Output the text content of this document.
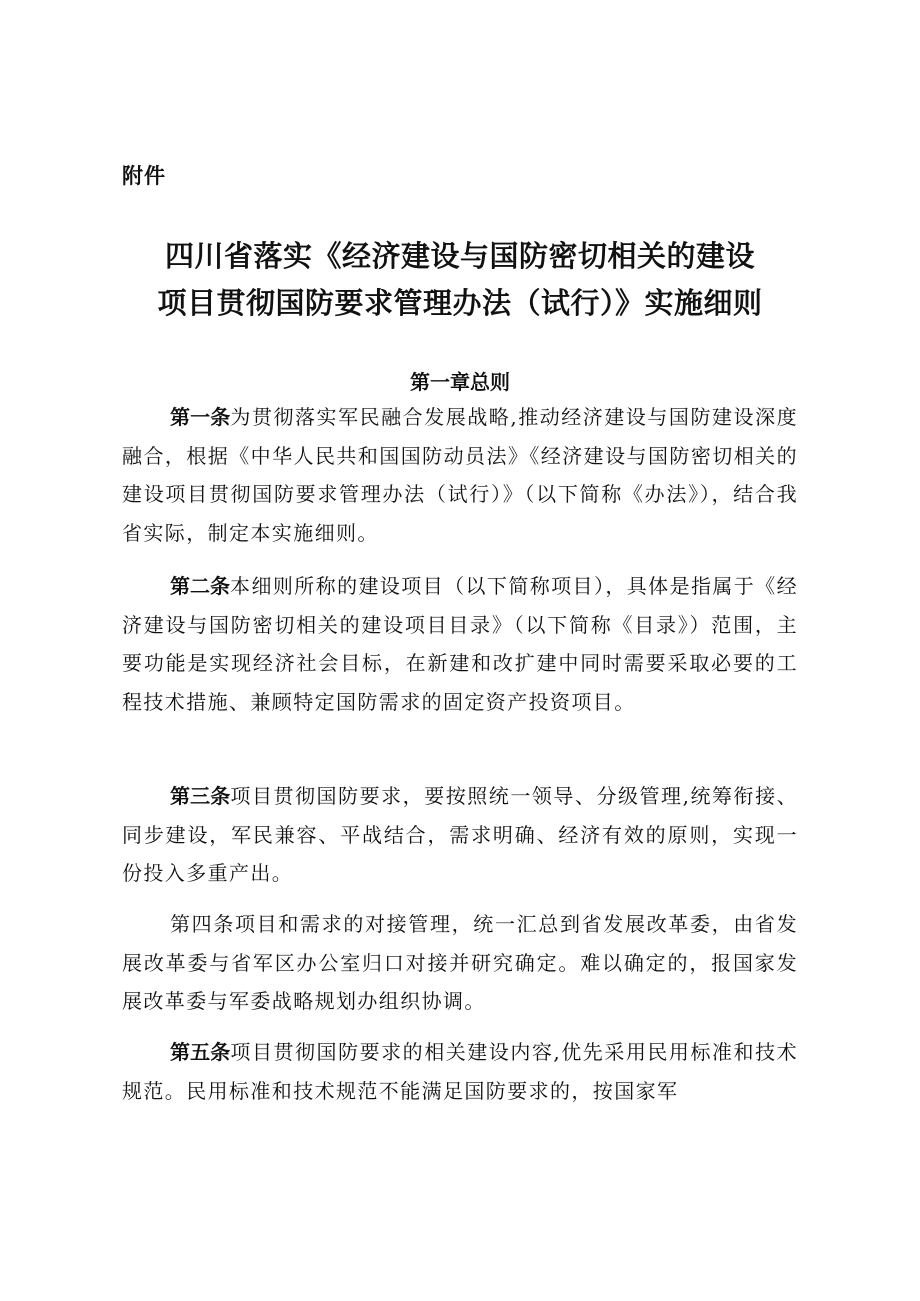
附件

四川省落实《经济建设与国防密切相关的建设
项目贯彻国防要求管理办法（试行）》实施细则
第一章总则

第一条为贯彻落实军民融合发展战略,推动经济建设与国防建设深度融合，根据《中华人民共和国国防动员法》《经济建设与国防密切相关的建设项目贯彻国防要求管理办法（试行）》（以下简称《办法》），结合我省实际，制定本实施细则。

第二条本细则所称的建设项目（以下简称项目），具体是指属于《经济建设与国防密切相关的建设项目目录》（以下简称《目录》）范围，主要功能是实现经济社会目标，在新建和改扩建中同时需要采取必要的工程技术措施、兼顾特定国防需求的固定资产投资项目。

第三条项目贯彻国防要求，要按照统一领导、分级管理,统筹衔接、同步建设，军民兼容、平战结合，需求明确、经济有效的原则，实现一份投入多重产出。

第四条项目和需求的对接管理，统一汇总到省发展改革委，由省发展改革委与省军区办公室归口对接并研究确定。难以确定的，报国家发展改革委与军委战略规划办组织协调。

第五条项目贯彻国防要求的相关建设内容,优先采用民用标准和技术规范。民用标准和技术规范不能满足国防要求的，按国家军
